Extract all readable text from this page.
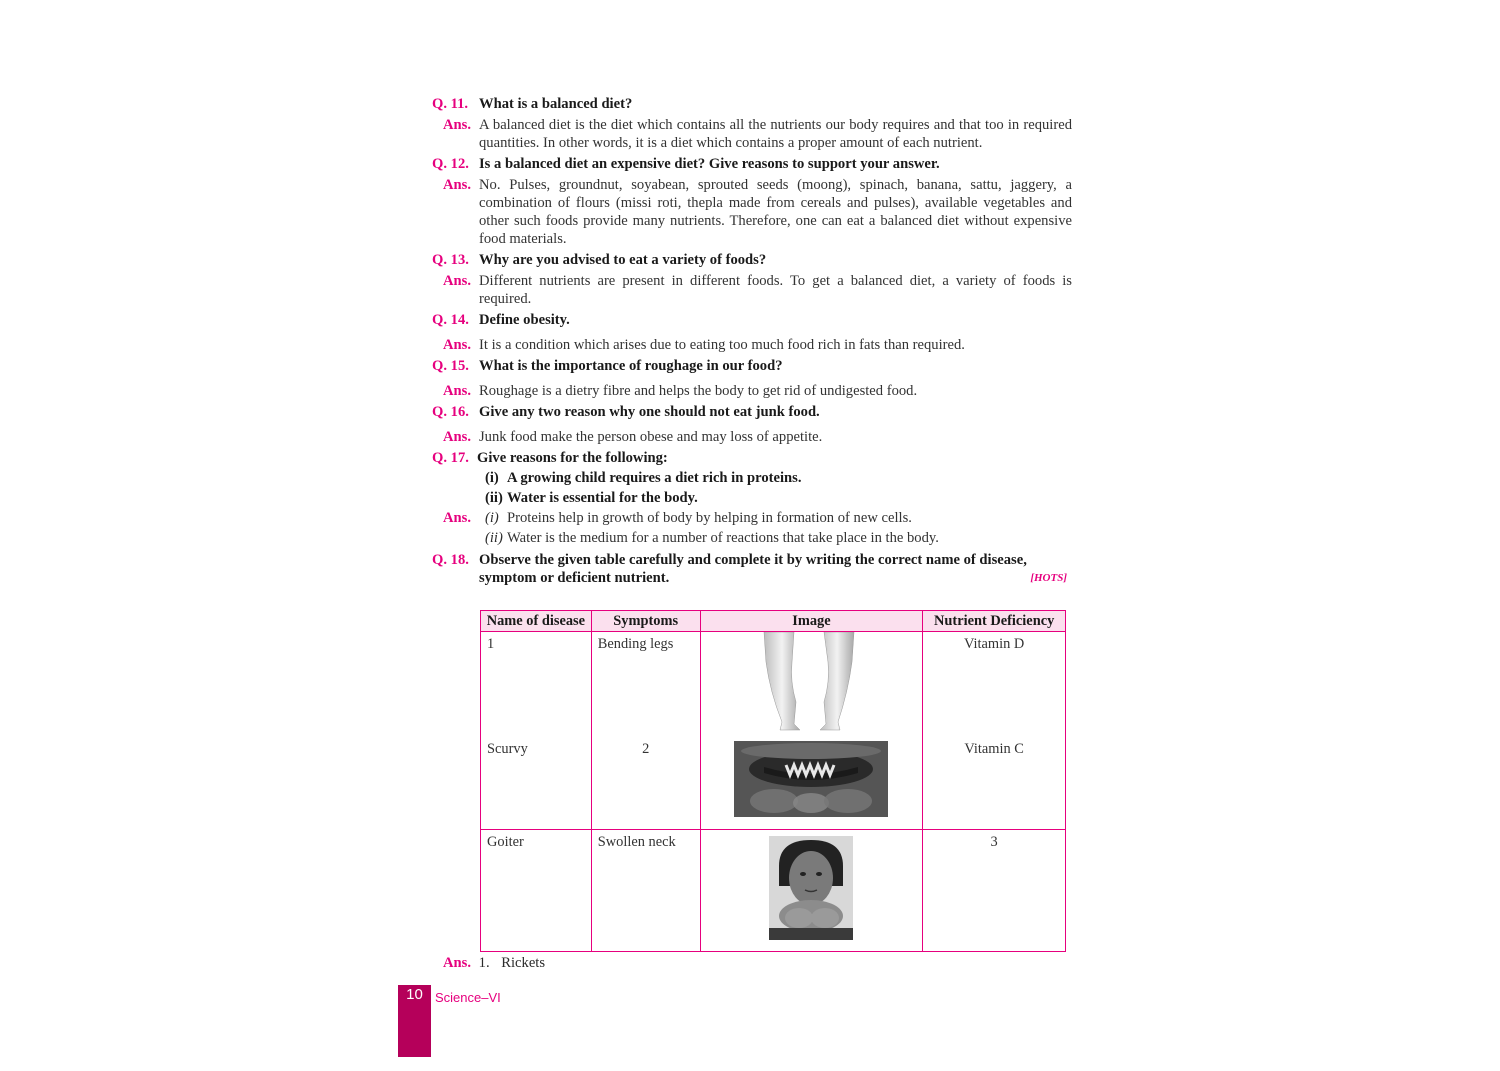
Q. 11. What is a balanced diet?
Ans. A balanced diet is the diet which contains all the nutrients our body requires and that too in required quantities. In other words, it is a diet which contains a proper amount of each nutrient.
Q. 12. Is a balanced diet an expensive diet? Give reasons to support your answer.
Ans. No. Pulses, groundnut, soyabean, sprouted seeds (moong), spinach, banana, sattu, jaggery, a combination of flours (missi roti, thepla made from cereals and pulses), available vegetables and other such foods provide many nutrients. Therefore, one can eat a balanced diet without expensive food materials.
Q. 13. Why are you advised to eat a variety of foods?
Ans. Different nutrients are present in different foods. To get a balanced diet, a variety of foods is required.
Q. 14. Define obesity.
Ans. It is a condition which arises due to eating too much food rich in fats than required.
Q. 15. What is the importance of roughage in our food?
Ans. Roughage is a dietry fibre and helps the body to get rid of undigested food.
Q. 16. Give any two reason why one should not eat junk food.
Ans. Junk food make the person obese and may loss of appetite.
Q. 17. Give reasons for the following:
(i) A growing child requires a diet rich in proteins.
(ii) Water is essential for the body.
Ans. (i) Proteins help in growth of body by helping in formation of new cells.
(ii) Water is the medium for a number of reactions that take place in the body.
Q. 18. Observe the given table carefully and complete it by writing the correct name of disease, symptom or deficient nutrient.	[HOTS]
Name of disease	Symptoms	Image	Nutrient Deficiency
1	Bending legs		Vitamin D
Scurvy	2		Vitamin C
Goiter	Swollen neck		3
Ans. 1. Rickets
10 Science–VI
